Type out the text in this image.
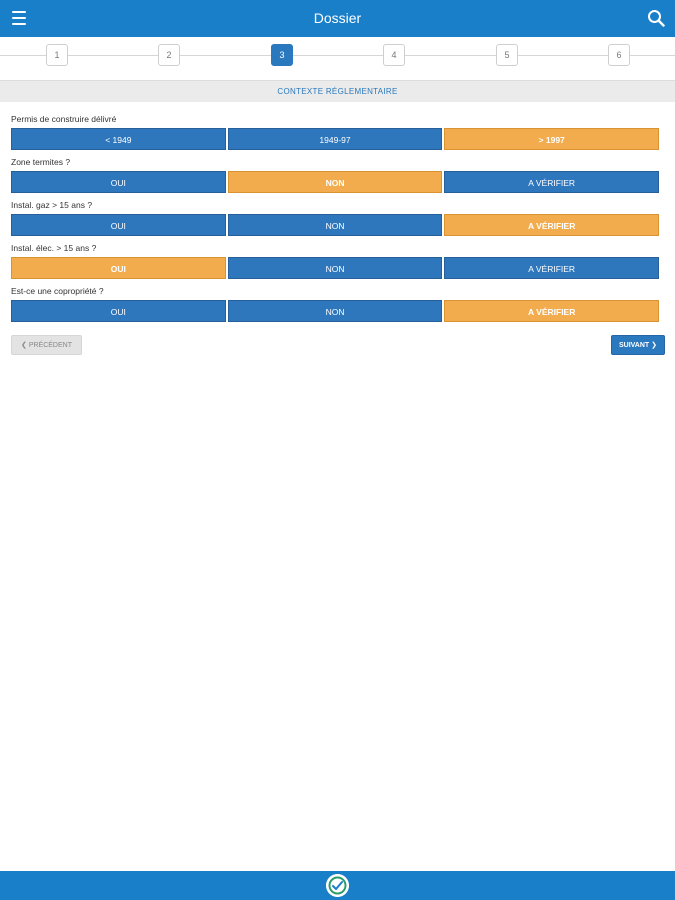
Dossier
1	2	3	4	5	6
CONTEXTE RÉGLEMENTAIRE
Permis de construire délivré
< 1949	1949-97	> 1997
Zone termites ?
OUI	NON	A VÉRIFIER
Instal. gaz > 15 ans ?
OUI	NON	A VÉRIFIER
Instal. élec. > 15 ans ?
OUI	NON	A VÉRIFIER
Est-ce une copropriété ?
OUI	NON	A VÉRIFIER
❮ PRÉCÉDENT	SUIVANT ❯
